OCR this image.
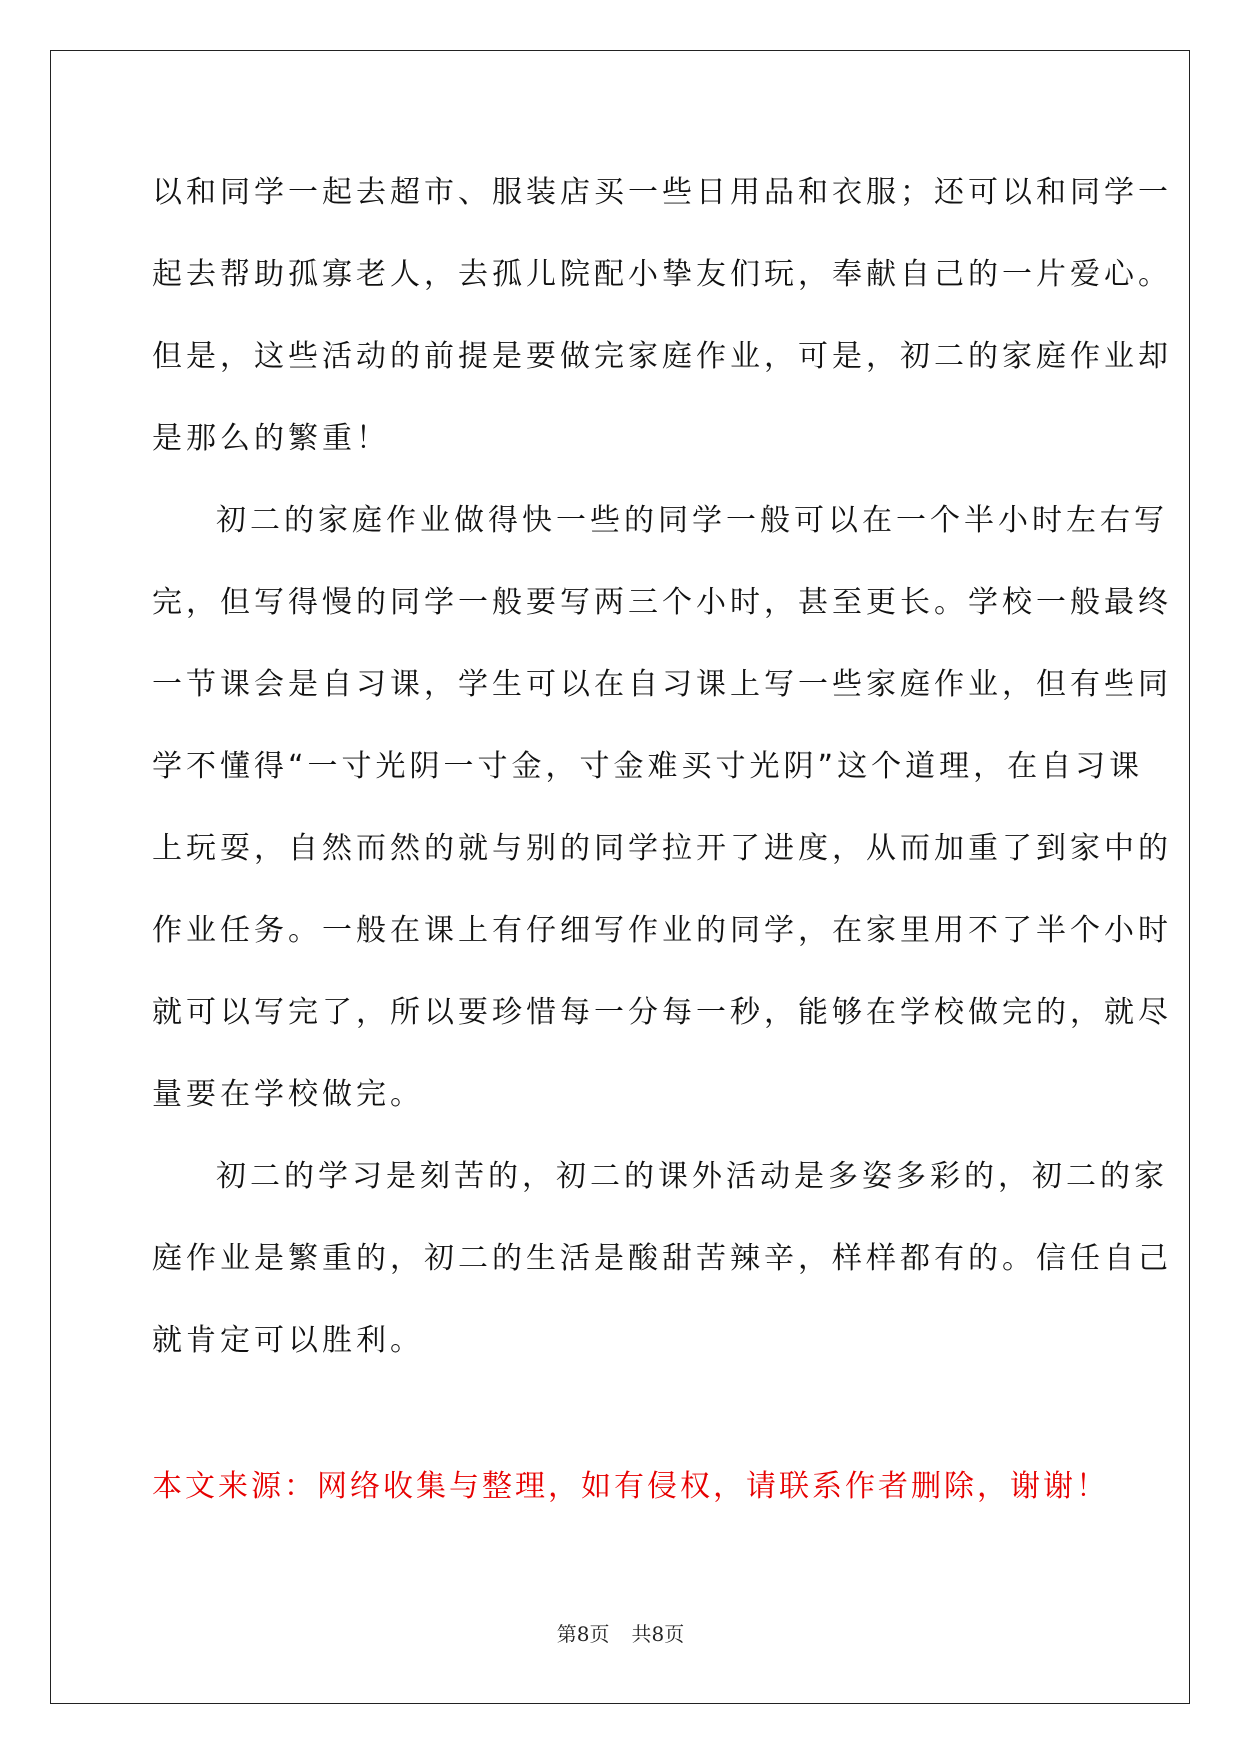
以和同学一起去超市、服装店买一些日用品和衣服；还可以和同学一
起去帮助孤寡老人，去孤儿院配小挚友们玩，奉献自己的一片爱心。
但是，这些活动的前提是要做完家庭作业，可是，初二的家庭作业却
是那么的繁重！
初二的家庭作业做得快一些的同学一般可以在一个半小时左右写
完，但写得慢的同学一般要写两三个小时，甚至更长。学校一般最终
一节课会是自习课，学生可以在自习课上写一些家庭作业，但有些同
学不懂得“一寸光阴一寸金，寸金难买寸光阴”这个道理，在自习课
上玩耍，自然而然的就与别的同学拉开了进度，从而加重了到家中的
作业任务。一般在课上有仔细写作业的同学，在家里用不了半个小时
就可以写完了，所以要珍惜每一分每一秒，能够在学校做完的，就尽
量要在学校做完。
初二的学习是刻苦的，初二的课外活动是多姿多彩的，初二的家
庭作业是繁重的，初二的生活是酸甜苦辣辛，样样都有的。信任自己
就肯定可以胜利。
本文来源：网络收集与整理，如有侵权，请联系作者删除，谢谢！
第8页 共8页
